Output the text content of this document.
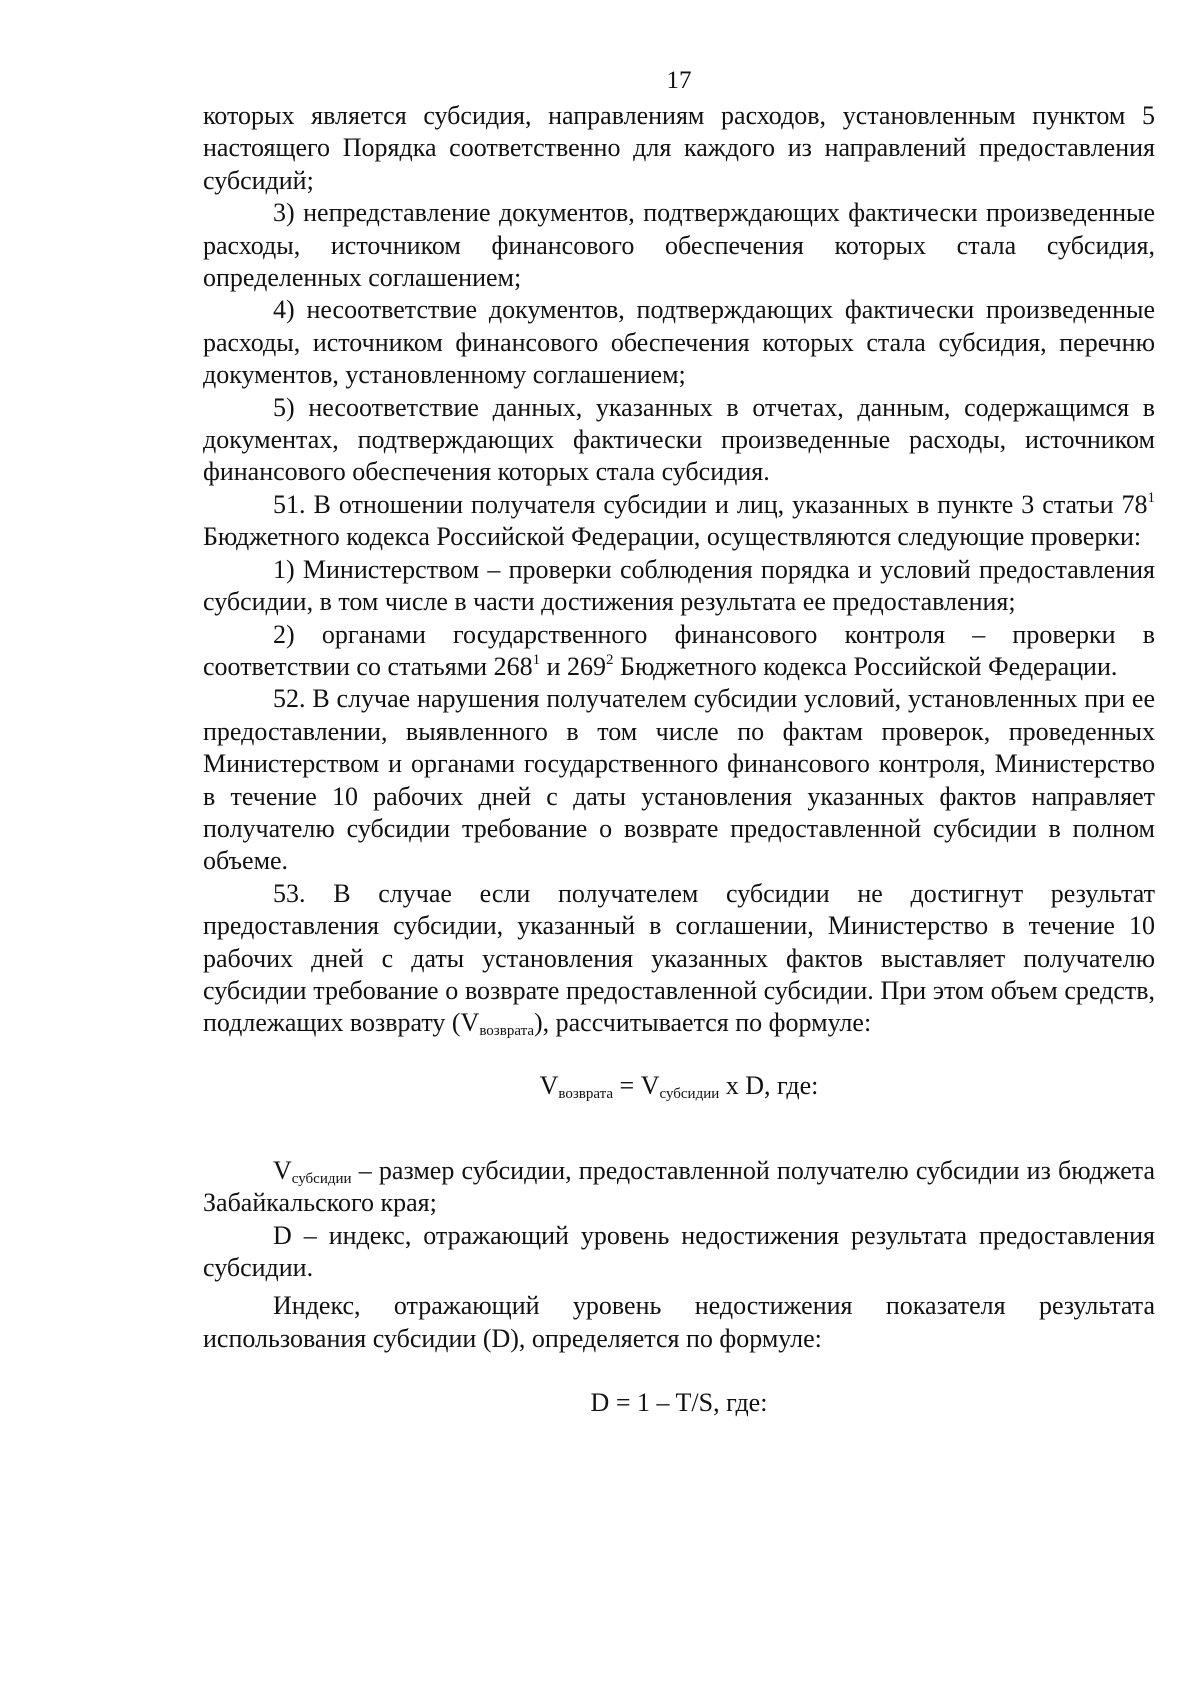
17

которых является субсидия, направлениям расходов, установленным пунктом 5 настоящего Порядка соответственно для каждого из направлений предоставления субсидий;

3) непредставление документов, подтверждающих фактически произведенные расходы, источником финансового обеспечения которых стала субсидия, определенных соглашением;

4) несоответствие документов, подтверждающих фактически произведенные расходы, источником финансового обеспечения которых стала субсидия, перечню документов, установленному соглашением;

5) несоответствие данных, указанных в отчетах, данным, содержащимся в документах, подтверждающих фактически произведенные расходы, источником финансового обеспечения которых стала субсидия.

51. В отношении получателя субсидии и лиц, указанных в пункте 3 статьи $78^1$ Бюджетного кодекса Российской Федерации, осуществляются следующие проверки:

1) Министерством – проверки соблюдения порядка и условий предоставления субсидии, в том числе в части достижения результата ее предоставления;

2) органами государственного финансового контроля – проверки в соответствии со статьями $268^1$ и $269^2$ Бюджетного кодекса Российской Федерации.

52. В случае нарушения получателем субсидии условий, установленных при ее предоставлении, выявленного в том числе по фактам проверок, проведенных Министерством и органами государственного финансового контроля, Министерство в течение 10 рабочих дней с даты установления указанных фактов направляет получателю субсидии требование о возврате предоставленной субсидии в полном объеме.

53. В случае если получателем субсидии не достигнут результат предоставления субсидии, указанный в соглашении, Министерство в течение 10 рабочих дней с даты установления указанных фактов выставляет получателю субсидии требование о возврате предоставленной субсидии. При этом объем средств, подлежащих возврату $(V_{возврата})$, рассчитывается по формуле:

$V_{возврата} = V_{субсидии}$ x D, где:

$V_{субсидии}$ – размер субсидии, предоставленной получателю субсидии из бюджета Забайкальского края;

D – индекс, отражающий уровень недостижения результата предоставления субсидии.

Индекс, отражающий уровень недостижения показателя результата использования субсидии (D), определяется по формуле:

D = 1 – T/S, где:
